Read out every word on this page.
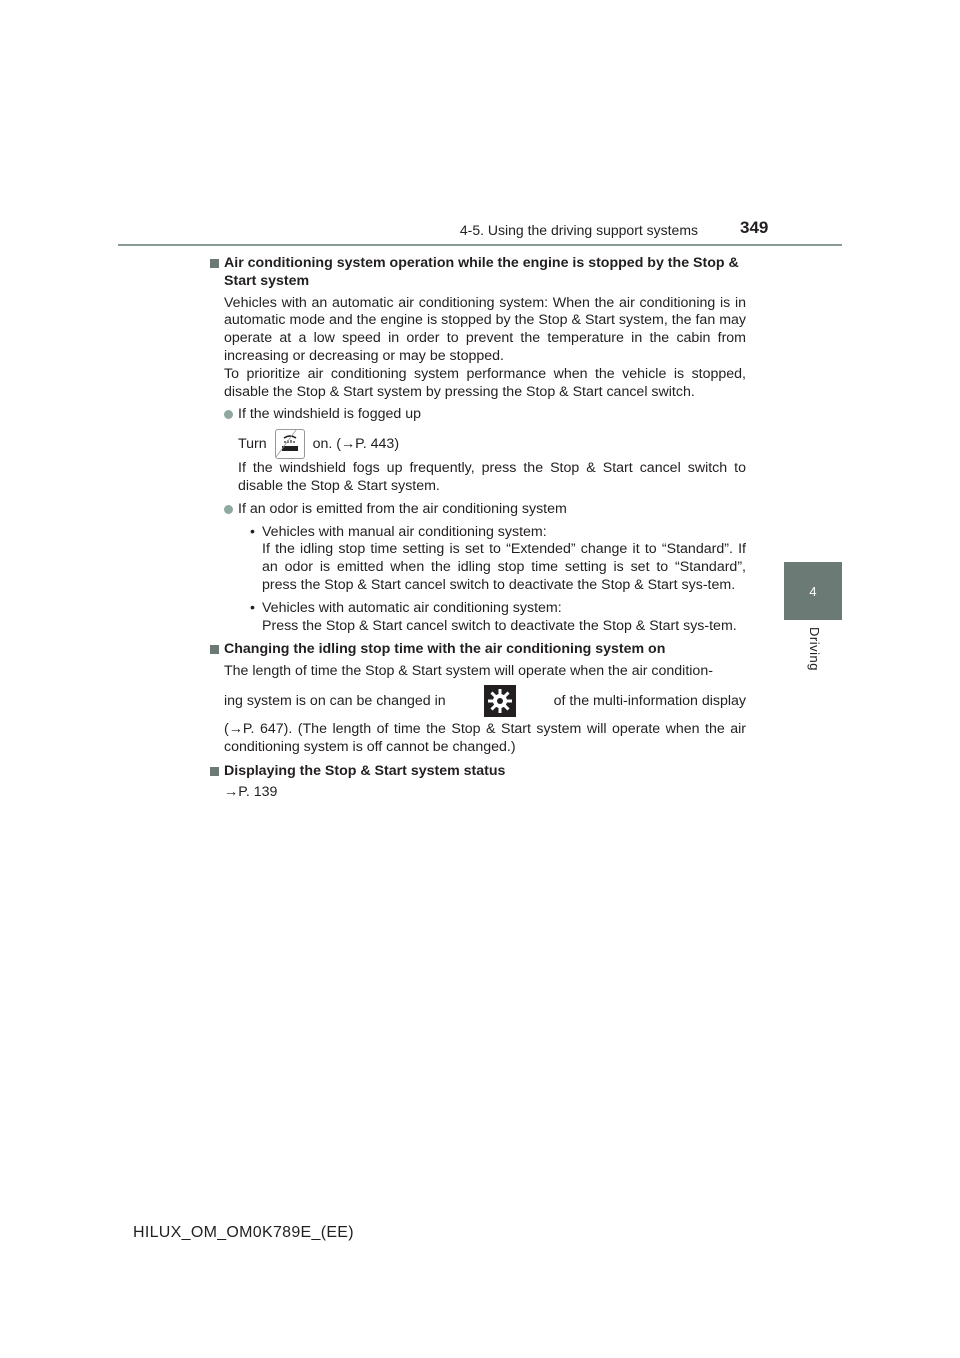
4-5. Using the driving support systems 349
4
Driving
Air conditioning system operation while the engine is stopped by the Stop & Start system
Vehicles with an automatic air conditioning system: When the air conditioning is in automatic mode and the engine is stopped by the Stop & Start system, the fan may operate at a low speed in order to prevent the temperature in the cabin from increasing or decreasing or may be stopped.
To prioritize air conditioning system performance when the vehicle is stopped, disable the Stop & Start system by pressing the Stop & Start cancel switch.
If the windshield is fogged up
Turn	on. (→P. 443)
If the windshield fogs up frequently, press the Stop & Start cancel switch to disable the Stop & Start system.
If an odor is emitted from the air conditioning system
• Vehicles with manual air conditioning system:
If the idling stop time setting is set to “Extended” change it to “Standard”. If an odor is emitted when the idling stop time setting is set to “Standard”, press the Stop & Start cancel switch to deactivate the Stop & Start sys-tem.
• Vehicles with automatic air conditioning system:
Press the Stop & Start cancel switch to deactivate the Stop & Start sys-tem.
Changing the idling stop time with the air conditioning system on
The length of time the Stop & Start system will operate when the air condition-
ing system is on can be changed in	of the multi-information display
(→P. 647). (The length of time the Stop & Start system will operate when the air conditioning system is off cannot be changed.)
Displaying the Stop & Start system status
→P. 139
HILUX_OM_OM0K789E_(EE)
